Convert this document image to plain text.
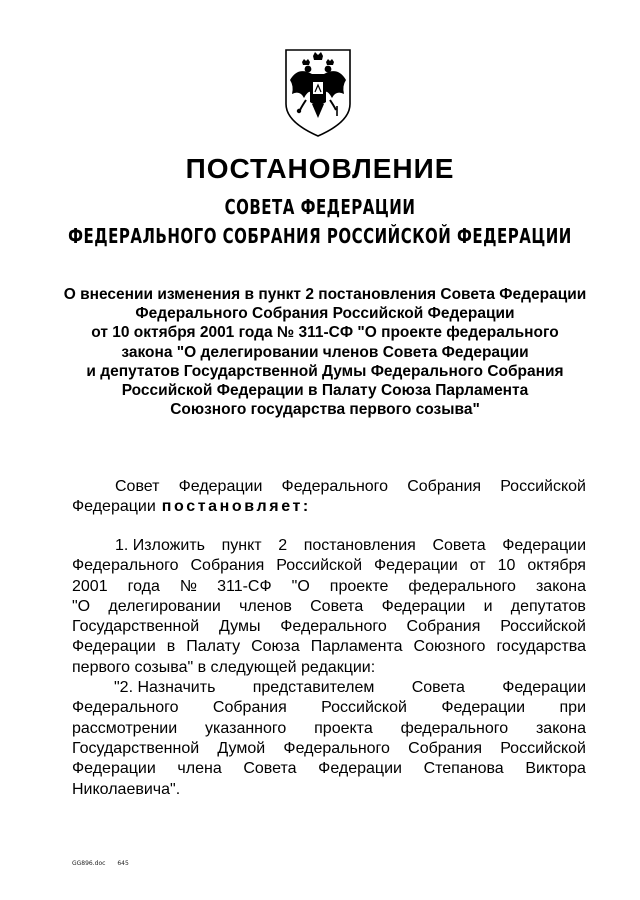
ПОСТАНОВЛЕНИЕ
СОВЕТА ФЕДЕРАЦИИ
ФЕДЕРАЛЬНОГО СОБРАНИЯ РОССИЙСКОЙ ФЕДЕРАЦИИ
О внесении изменения в пункт 2 постановления Совета Федерации
Федерального Собрания Российской Федерации
от 10 октября 2001 года № 311-СФ "О проекте федерального
закона "О делегировании членов Совета Федерации
и депутатов Государственной Думы Федерального Собрания
Российской Федерации в Палату Союза Парламента
Союзного государства первого созыва"
Совет Федерации Федерального Собрания Российской
Федерации постановляет:
1. Изложить пункт 2 постановления Совета Федерации
Федерального Собрания Российской Федерации от 10 октября
2001 года № 311-СФ "О проекте федерального закона
"О делегировании членов Совета Федерации и депутатов
Государственной Думы Федерального Собрания Российской
Федерации в Палату Союза Парламента Союзного государства
первого созыва" в следующей редакции:
"2. Назначить представителем Совета Федерации
Федерального Собрания Российской Федерации при
рассмотрении указанного проекта федерального закона
Государственной Думой Федерального Собрания Российской
Федерации члена Совета Федерации Степанова Виктора
Николаевича".
GG896.doc 645
